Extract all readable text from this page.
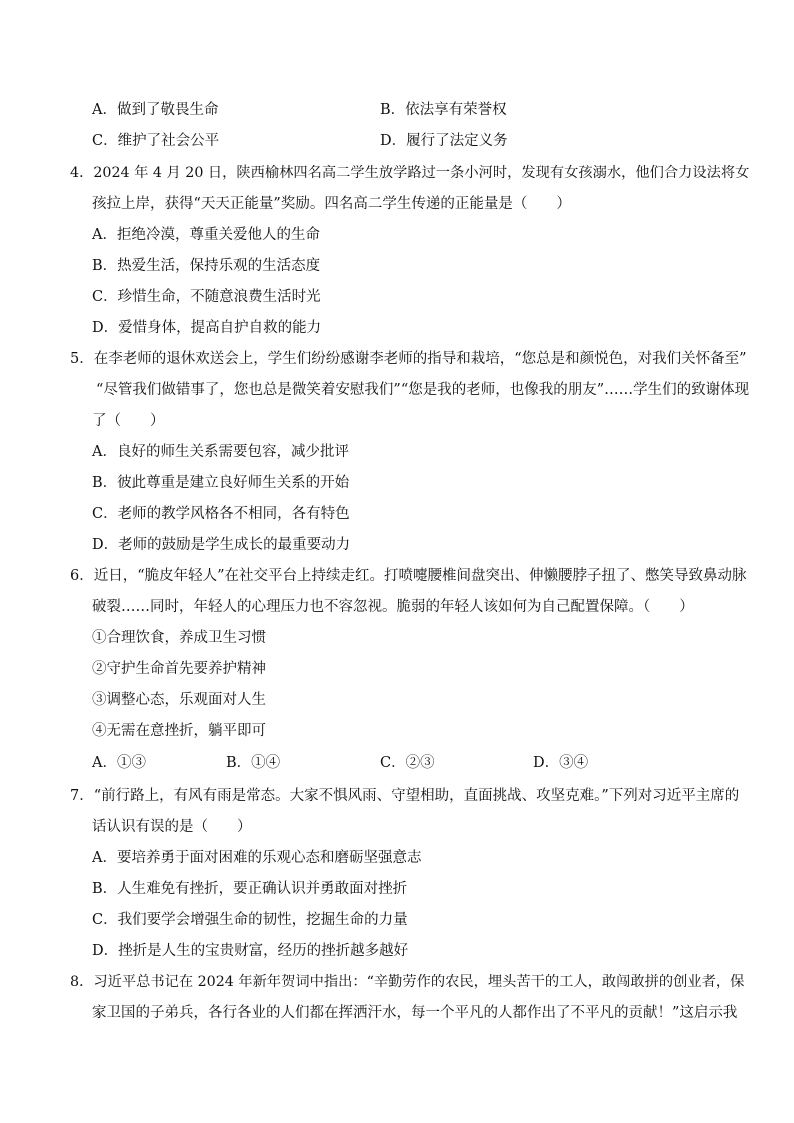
A．做到了敬畏生命	B．依法享有荣誉权
C．维护了社会公平	D．履行了法定义务
4．2024 年 4 月 20 日，陕西榆林四名高二学生放学路过一条小河时，发现有女孩溺水，他们合力设法将女
孩拉上岸，获得“天天正能量”奖励。四名高二学生传递的正能量是（　　）
A．拒绝冷漠，尊重关爱他人的生命
B．热爱生活，保持乐观的生活态度
C．珍惜生命，不随意浪费生活时光
D．爱惜身体，提高自护自救的能力
5．在李老师的退休欢送会上，学生们纷纷感谢李老师的指导和栽培，“您总是和颜悦色，对我们关怀备至”
“尽管我们做错事了，您也总是微笑着安慰我们”“您是我的老师，也像我的朋友”……学生们的致谢体现
了（　　）
A．良好的师生关系需要包容，减少批评
B．彼此尊重是建立良好师生关系的开始
C．老师的教学风格各不相同，各有特色
D．老师的鼓励是学生成长的最重要动力
6．近日，“脆皮年轻人”在社交平台上持续走红。打喷嚏腰椎间盘突出、伸懒腰脖子扭了、憋笑导致鼻动脉
破裂……同时，年轻人的心理压力也不容忽视。脆弱的年轻人该如何为自己配置保障。（　　）
①合理饮食，养成卫生习惯
②守护生命首先要养护精神
③调整心态，乐观面对人生
④无需在意挫折，躺平即可
A．①③	B．①④	C．②③	D．③④
7．“前行路上，有风有雨是常态。大家不惧风雨、守望相助，直面挑战、攻坚克难。”下列对习近平主席的
话认识有误的是（　　）
A．要培养勇于面对困难的乐观心态和磨砺坚强意志
B．人生难免有挫折，要正确认识并勇敢面对挫折
C．我们要学会增强生命的韧性，挖掘生命的力量
D．挫折是人生的宝贵财富，经历的挫折越多越好
8．习近平总书记在 2024 年新年贺词中指出：“辛勤劳作的农民，埋头苦干的工人，敢闯敢拼的创业者，保
家卫国的子弟兵，各行各业的人们都在挥洒汗水，每一个平凡的人都作出了不平凡的贡献！”这启示我
